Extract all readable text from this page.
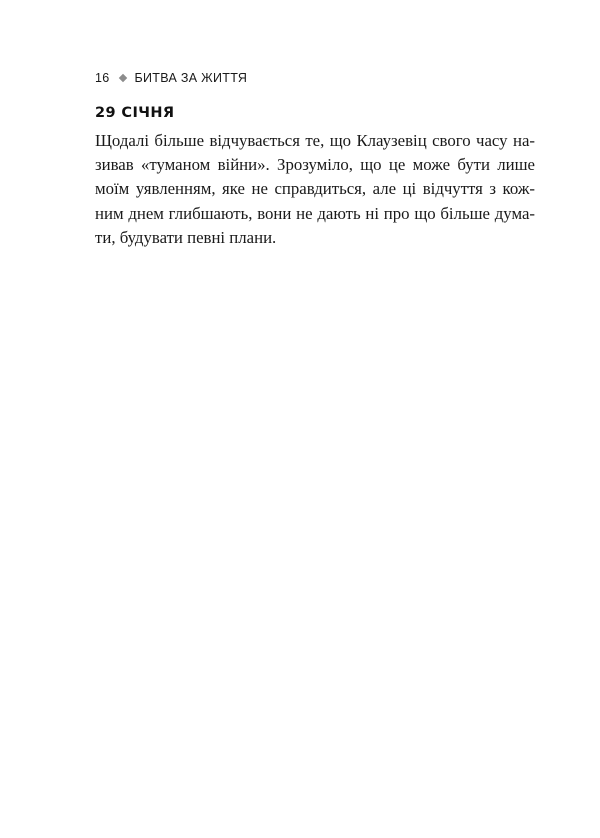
16 БИТВА ЗА ЖИТТЯ
29 СІЧНЯ

Щодалі більше відчувається те, що Клаузевіц свого часу на-
зивав «туманом війни». Зрозуміло, що це може бути лише
моїм уявленням, яке не справдиться, але ці відчуття з кож-
ним днем глибшають, вони не дають ні про що більше дума-
ти, будувати певні плани.
